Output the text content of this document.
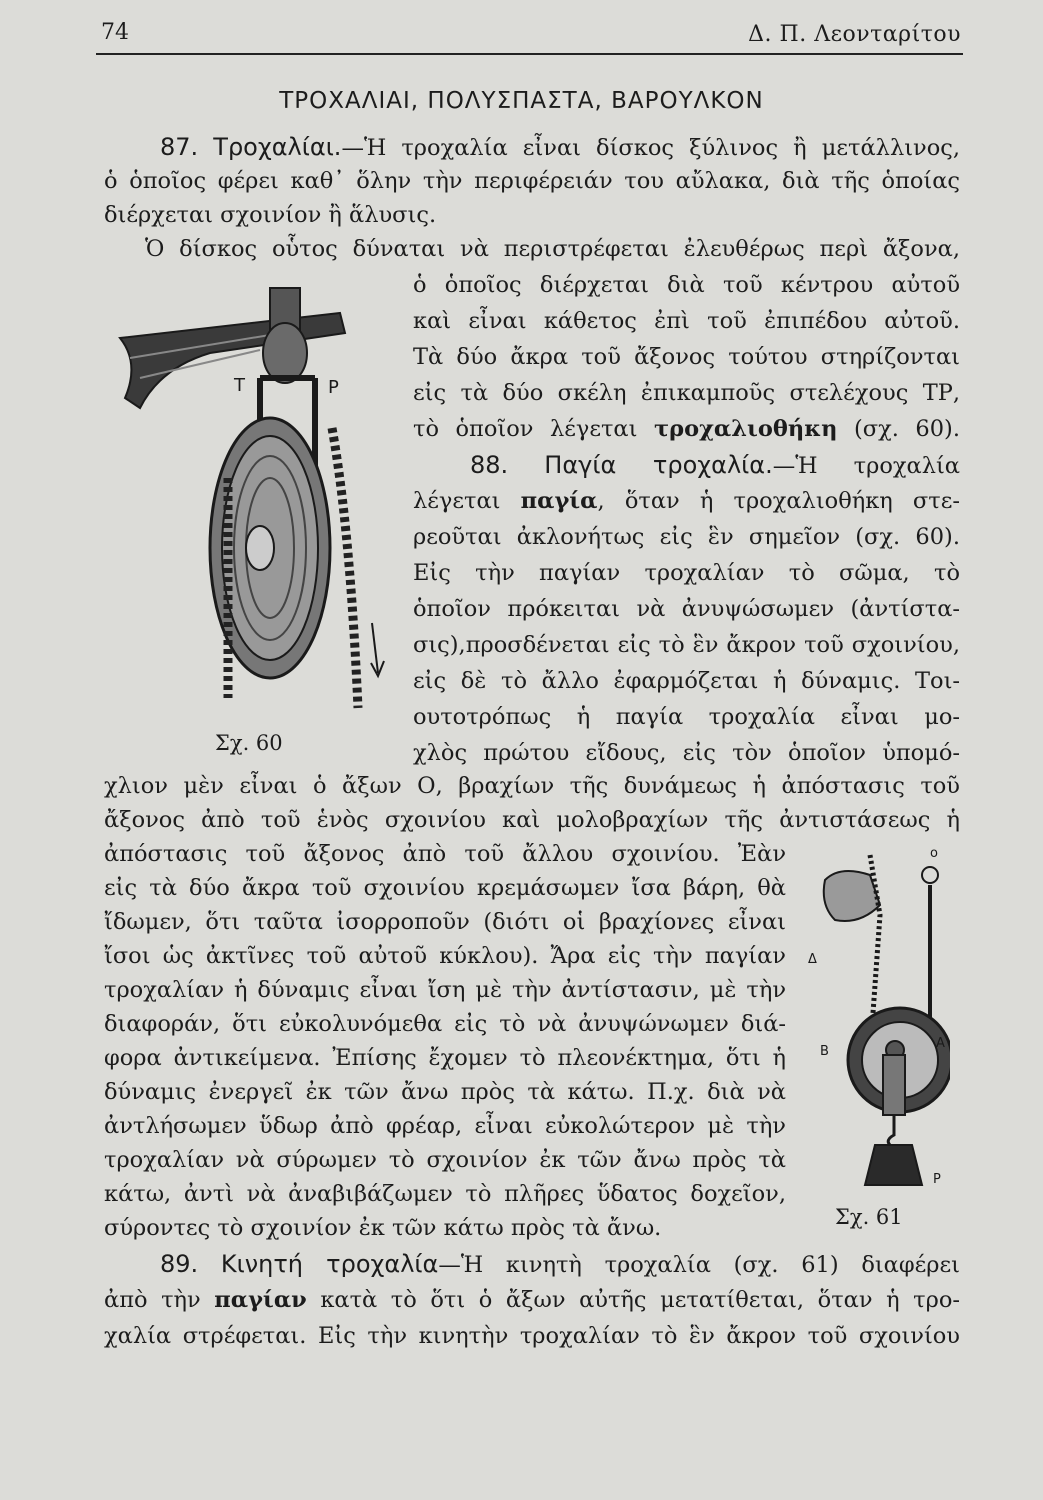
74	Δ. Π. Λεονταρίτου
ΤΡΟΧΑΛΙΑΙ, ΠΟΛΥΣΠΑΣΤΑ, ΒΑΡΟΥΛΚΟΝ
87. Τροχαλίαι.—Ἡ τροχαλία εἶναι δίσκος ξύλινος ἢ μετάλλινος,
ὁ ὁποῖος φέρει καθ᾿ ὅλην τὴν περιφέρειάν του αὔλακα, διὰ τῆς ὁποίας
διέρχεται σχοινίον ἢ ἅλυσις.
Ὁ δίσκος οὗτος δύναται νὰ περιστρέφεται ἐλευθέρως περὶ ἄξονα,
ὁ ὁποῖος διέρχεται διὰ τοῦ κέντρου αὐτοῦ
καὶ εἶναι κάθετος ἐπὶ τοῦ ἐπιπέδου αὐτοῦ.
Τὰ δύο ἄκρα τοῦ ἄξονος τούτου στηρίζονται
εἰς τὰ δύο σκέλη ἐπικαμποῦς στελέχους ΤΡ,
τὸ ὁποῖον λέγεται τροχαλιοθήκη (σχ. 60).
88. Παγία τροχαλία.—Ἡ τροχαλία
λέγεται παγία, ὅταν ἡ τροχαλιοθήκη στε-
ρεοῦται ἀκλονήτως εἰς ἓν σημεῖον (σχ. 60).
Εἰς τὴν παγίαν τροχαλίαν τὸ σῶμα, τὸ
ὁποῖον πρόκειται νὰ ἀνυψώσωμεν (ἀντίστα-
σις),προσδένεται εἰς τὸ ἓν ἄκρον τοῦ σχοινίου,
εἰς δὲ τὸ ἄλλο ἐφαρμόζεται ἡ δύναμις. Τοι-
ουτοτρόπως ἡ παγία τροχαλία εἶναι μο-
χλὸς πρώτου εἴδους, εἰς τὸν ὁποῖον ὑπομό-
χλιον μὲν εἶναι ὁ ἄξων Ο, βραχίων τῆς δυνάμεως ἡ ἀπόστασις τοῦ
ἄξονος ἀπὸ τοῦ ἑνὸς σχοινίου καὶ μολοβραχίων τῆς ἀντιστάσεως ἡ
ἀπόστασις τοῦ ἄξονος ἀπὸ τοῦ ἄλλου σχοινίου. Ἐὰν
εἰς τὰ δύο ἄκρα τοῦ σχοινίου κρεμάσωμεν ἴσα βάρη, θὰ
ἴδωμεν, ὅτι ταῦτα ἰσορροποῦν (διότι οἱ βραχίονες εἶναι
ἴσοι ὡς ἀκτῖνες τοῦ αὐτοῦ κύκλου). Ἄρα εἰς τὴν παγίαν
τροχαλίαν ἡ δύναμις εἶναι ἴση μὲ τὴν ἀντίστασιν, μὲ τὴν
διαφοράν, ὅτι εὐκολυνόμεθα εἰς τὸ νὰ ἀνυψώνωμεν διά-
φορα ἀντικείμενα. Ἐπίσης ἔχομεν τὸ πλεονέκτημα, ὅτι ἡ
δύναμις ἐνεργεῖ ἐκ τῶν ἄνω πρὸς τὰ κάτω. Π.χ. διὰ νὰ
ἀντλήσωμεν ὕδωρ ἀπὸ φρέαρ, εἶναι εὐκολώτερον μὲ τὴν
τροχαλίαν νὰ σύρωμεν τὸ σχοινίον ἐκ τῶν ἄνω πρὸς τὰ
κάτω, ἀντὶ νὰ ἀναβιβάζωμεν τὸ πλῆρες ὕδατος δοχεῖον,
σύροντες τὸ σχοινίον ἐκ τῶν κάτω πρὸς τὰ ἄνω.
89. Κινητή τροχαλία—Ἡ κινητὴ τροχαλία (σχ. 61) διαφέρει
ἀπὸ τὴν παγίαν κατὰ τὸ ὅτι ὁ ἄξων αὐτῆς μετατίθεται, ὅταν ἡ τρο-
χαλία στρέφεται. Εἰς τὴν κινητὴν τροχαλίαν τὸ ἓν ἄκρον τοῦ σχοινίου
Τ	Ρ
Σχ. 60
ο
Δ
Β
Α
Ρ
Σχ. 61
